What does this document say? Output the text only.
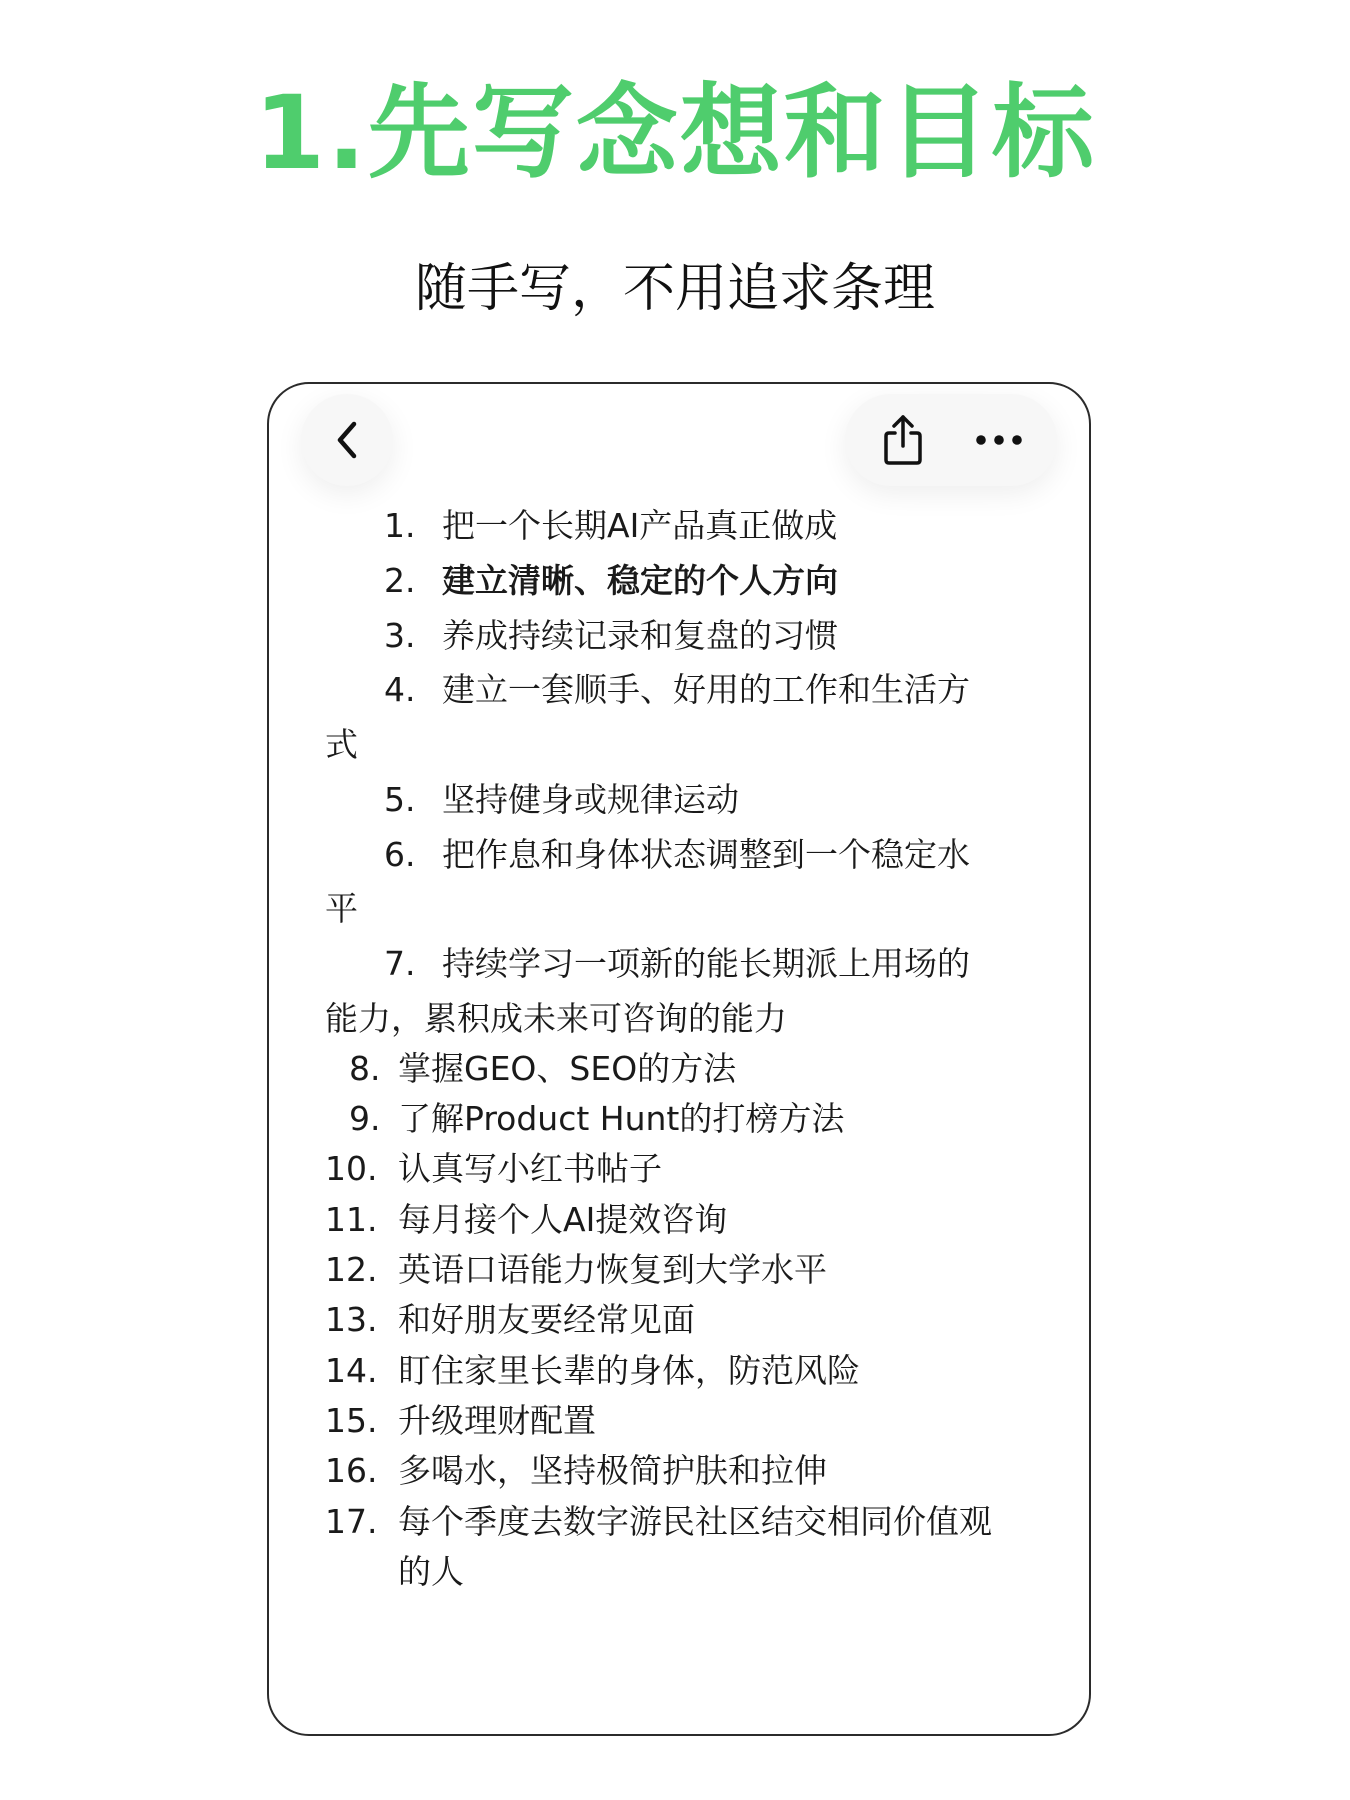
1.先写念想和目标
随手写，不用追求条理
1. 把一个长期AI产品真正做成
2. 建立清晰、稳定的个人方向
3. 养成持续记录和复盘的习惯
4. 建立一套顺手、好用的工作和生活方
式
5. 坚持健身或规律运动
6. 把作息和身体状态调整到一个稳定水
平
7. 持续学习一项新的能长期派上用场的
能力，累积成未来可咨询的能力
8. 掌握GEO、SEO的方法
9. 了解Product Hunt的打榜方法
10. 认真写小红书帖子
11. 每月接个人AI提效咨询
12. 英语口语能力恢复到大学水平
13. 和好朋友要经常见面
14. 盯住家里长辈的身体，防范风险
15. 升级理财配置
16. 多喝水，坚持极简护肤和拉伸
17. 每个季度去数字游民社区结交相同价值观
的人
